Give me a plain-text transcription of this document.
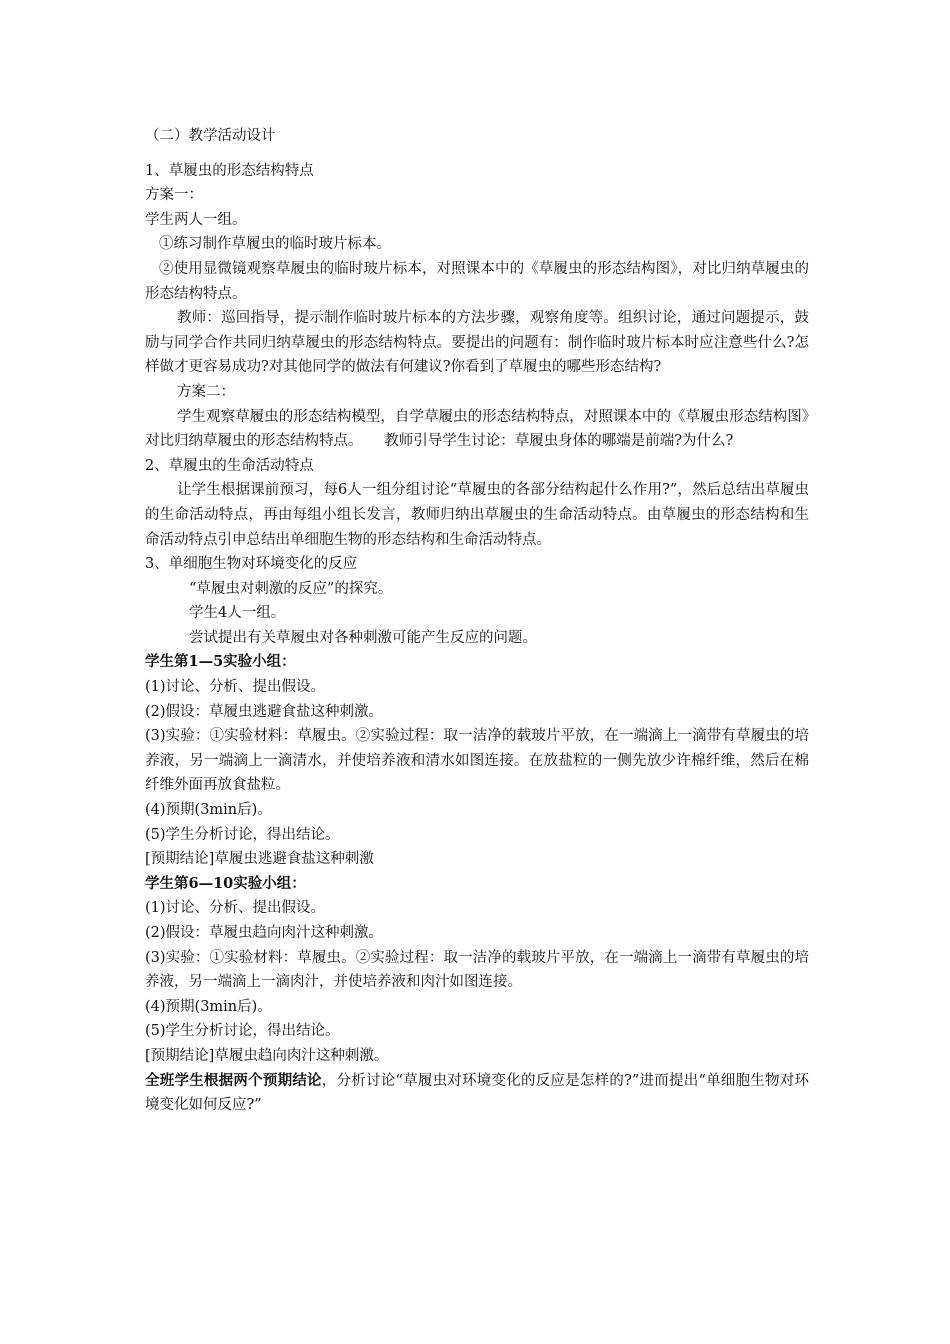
（二）教学活动设计

1、草履虫的形态结构特点

方案一：

学生两人一组。

①练习制作草履虫的临时玻片标本。

②使用显微镜观察草履虫的临时玻片标本，对照课本中的《草履虫的形态结构图》，对比归纳草履虫的形态结构特点。

教师：巡回指导，提示制作临时玻片标本的方法步骤，观察角度等。组织讨论，通过问题提示，鼓励与同学合作共同归纳草履虫的形态结构特点。要提出的问题有：制作临时玻片标本时应注意些什么?怎样做才更容易成功?对其他同学的做法有何建议?你看到了草履虫的哪些形态结构?

方案二：

学生观察草履虫的形态结构模型，自学草履虫的形态结构特点，对照课本中的《草履虫形态结构图》对比归纳草履虫的形态结构特点。　　教师引导学生讨论：草履虫身体的哪端是前端?为什么?

2、草履虫的生命活动特点

让学生根据课前预习，每6人一组分组讨论“草履虫的各部分结构起什么作用?”，然后总结出草履虫的生命活动特点，再由每组小组长发言，教师归纳出草履虫的生命活动特点。由草履虫的形态结构和生命活动特点引申总结出单细胞生物的形态结构和生命活动特点。

3、单细胞生物对环境变化的反应

“草履虫对刺激的反应”的探究。

学生4人一组。

尝试提出有关草履虫对各种刺激可能产生反应的问题。

学生第1—5实验小组：

(1)讨论、分析、提出假设。

(2)假设：草履虫逃避食盐这种刺激。

(3)实验：①实验材料：草履虫。②实验过程：取一洁净的载玻片平放，在一端滴上一滴带有草履虫的培养液，另一端滴上一滴清水，并使培养液和清水如图连接。在放盐粒的一侧先放少许棉纤维，然后在棉纤维外面再放食盐粒。

(4)预期(3min后)。

(5)学生分析讨论，得出结论。

[预期结论]草履虫逃避食盐这种刺激

学生第6—10实验小组：

(1)讨论、分析、提出假设。

(2)假设：草履虫趋向肉汁这种刺激。

(3)实验：①实验材料：草履虫。②实验过程：取一洁净的载玻片平放，在一端滴上一滴带有草履虫的培养液，另一端滴上一滴肉汁，并使培养液和肉汁如图连接。

(4)预期(3min后)。

(5)学生分析讨论，得出结论。

[预期结论]草履虫趋向肉汁这种刺激。

全班学生根据两个预期结论，分析讨论“草履虫对环境变化的反应是怎样的?”进而提出“单细胞生物对环境变化如何反应?”
